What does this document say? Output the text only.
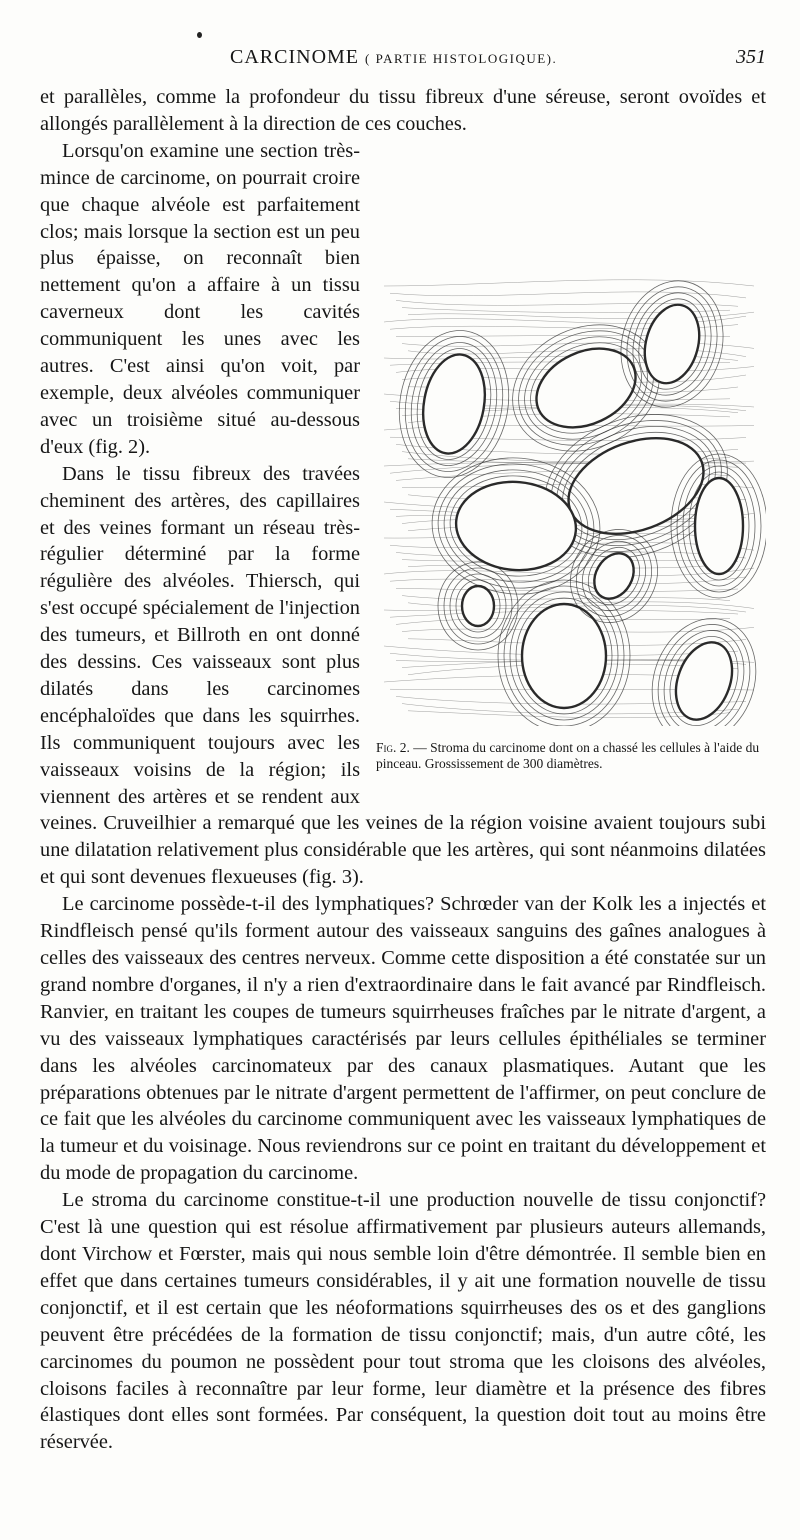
CARCINOME ( PARTIE HISTOLOGIQUE).	351

et parallèles, comme la profondeur du tissu fibreux d'une séreuse, seront ovoïdes et allongés parallèlement à la direction de ces couches.

Fig. 2. — Stroma du carcinome dont on a chassé les cellules à l'aide du pinceau. Grossissement de 300 diamètres.

Lorsqu'on examine une section très-mince de carcinome, on pourrait croire que chaque alvéole est parfaitement clos; mais lorsque la section est un peu plus épaisse, on reconnaît bien nettement qu'on a affaire à un tissu caverneux dont les cavités communiquent les unes avec les autres. C'est ainsi qu'on voit, par exemple, deux alvéoles communiquer avec un troisième situé au-dessous d'eux (fig. 2).

Dans le tissu fibreux des travées cheminent des artères, des capillaires et des veines formant un réseau très-régulier déterminé par la forme régulière des alvéoles. Thiersch, qui s'est occupé spécialement de l'injection des tumeurs, et Billroth en ont donné des dessins. Ces vaisseaux sont plus dilatés dans les carcinomes encéphaloïdes que dans les squirrhes. Ils communiquent toujours avec les vaisseaux voisins de la région; ils viennent des artères et se rendent aux veines. Cruveilhier a remarqué que les veines de la région voisine avaient toujours subi une dilatation relativement plus considérable que les artères, qui sont néanmoins dilatées et qui sont devenues flexueuses (fig. 3).

Le carcinome possède-t-il des lymphatiques? Schrœder van der Kolk les a injectés et Rindfleisch pensé qu'ils forment autour des vaisseaux sanguins des gaînes analogues à celles des vaisseaux des centres nerveux. Comme cette disposition a été constatée sur un grand nombre d'organes, il n'y a rien d'extraordinaire dans le fait avancé par Rindfleisch. Ranvier, en traitant les coupes de tumeurs squirrheuses fraîches par le nitrate d'argent, a vu des vaisseaux lymphatiques caractérisés par leurs cellules épithéliales se terminer dans les alvéoles carcinomateux par des canaux plasmatiques. Autant que les préparations obtenues par le nitrate d'argent permettent de l'affirmer, on peut conclure de ce fait que les alvéoles du carcinome communiquent avec les vaisseaux lymphatiques de la tumeur et du voisinage. Nous reviendrons sur ce point en traitant du développement et du mode de propagation du carcinome.

Le stroma du carcinome constitue-t-il une production nouvelle de tissu conjonctif? C'est là une question qui est résolue affirmativement par plusieurs auteurs allemands, dont Virchow et Fœrster, mais qui nous semble loin d'être démontrée. Il semble bien en effet que dans certaines tumeurs considérables, il y ait une formation nouvelle de tissu conjonctif, et il est certain que les néoformations squirrheuses des os et des ganglions peuvent être précédées de la formation de tissu conjonctif; mais, d'un autre côté, les carcinomes du poumon ne possèdent pour tout stroma que les cloisons des alvéoles, cloisons faciles à reconnaître par leur forme, leur diamètre et la présence des fibres élastiques dont elles sont formées. Par conséquent, la question doit tout au moins être réservée.
